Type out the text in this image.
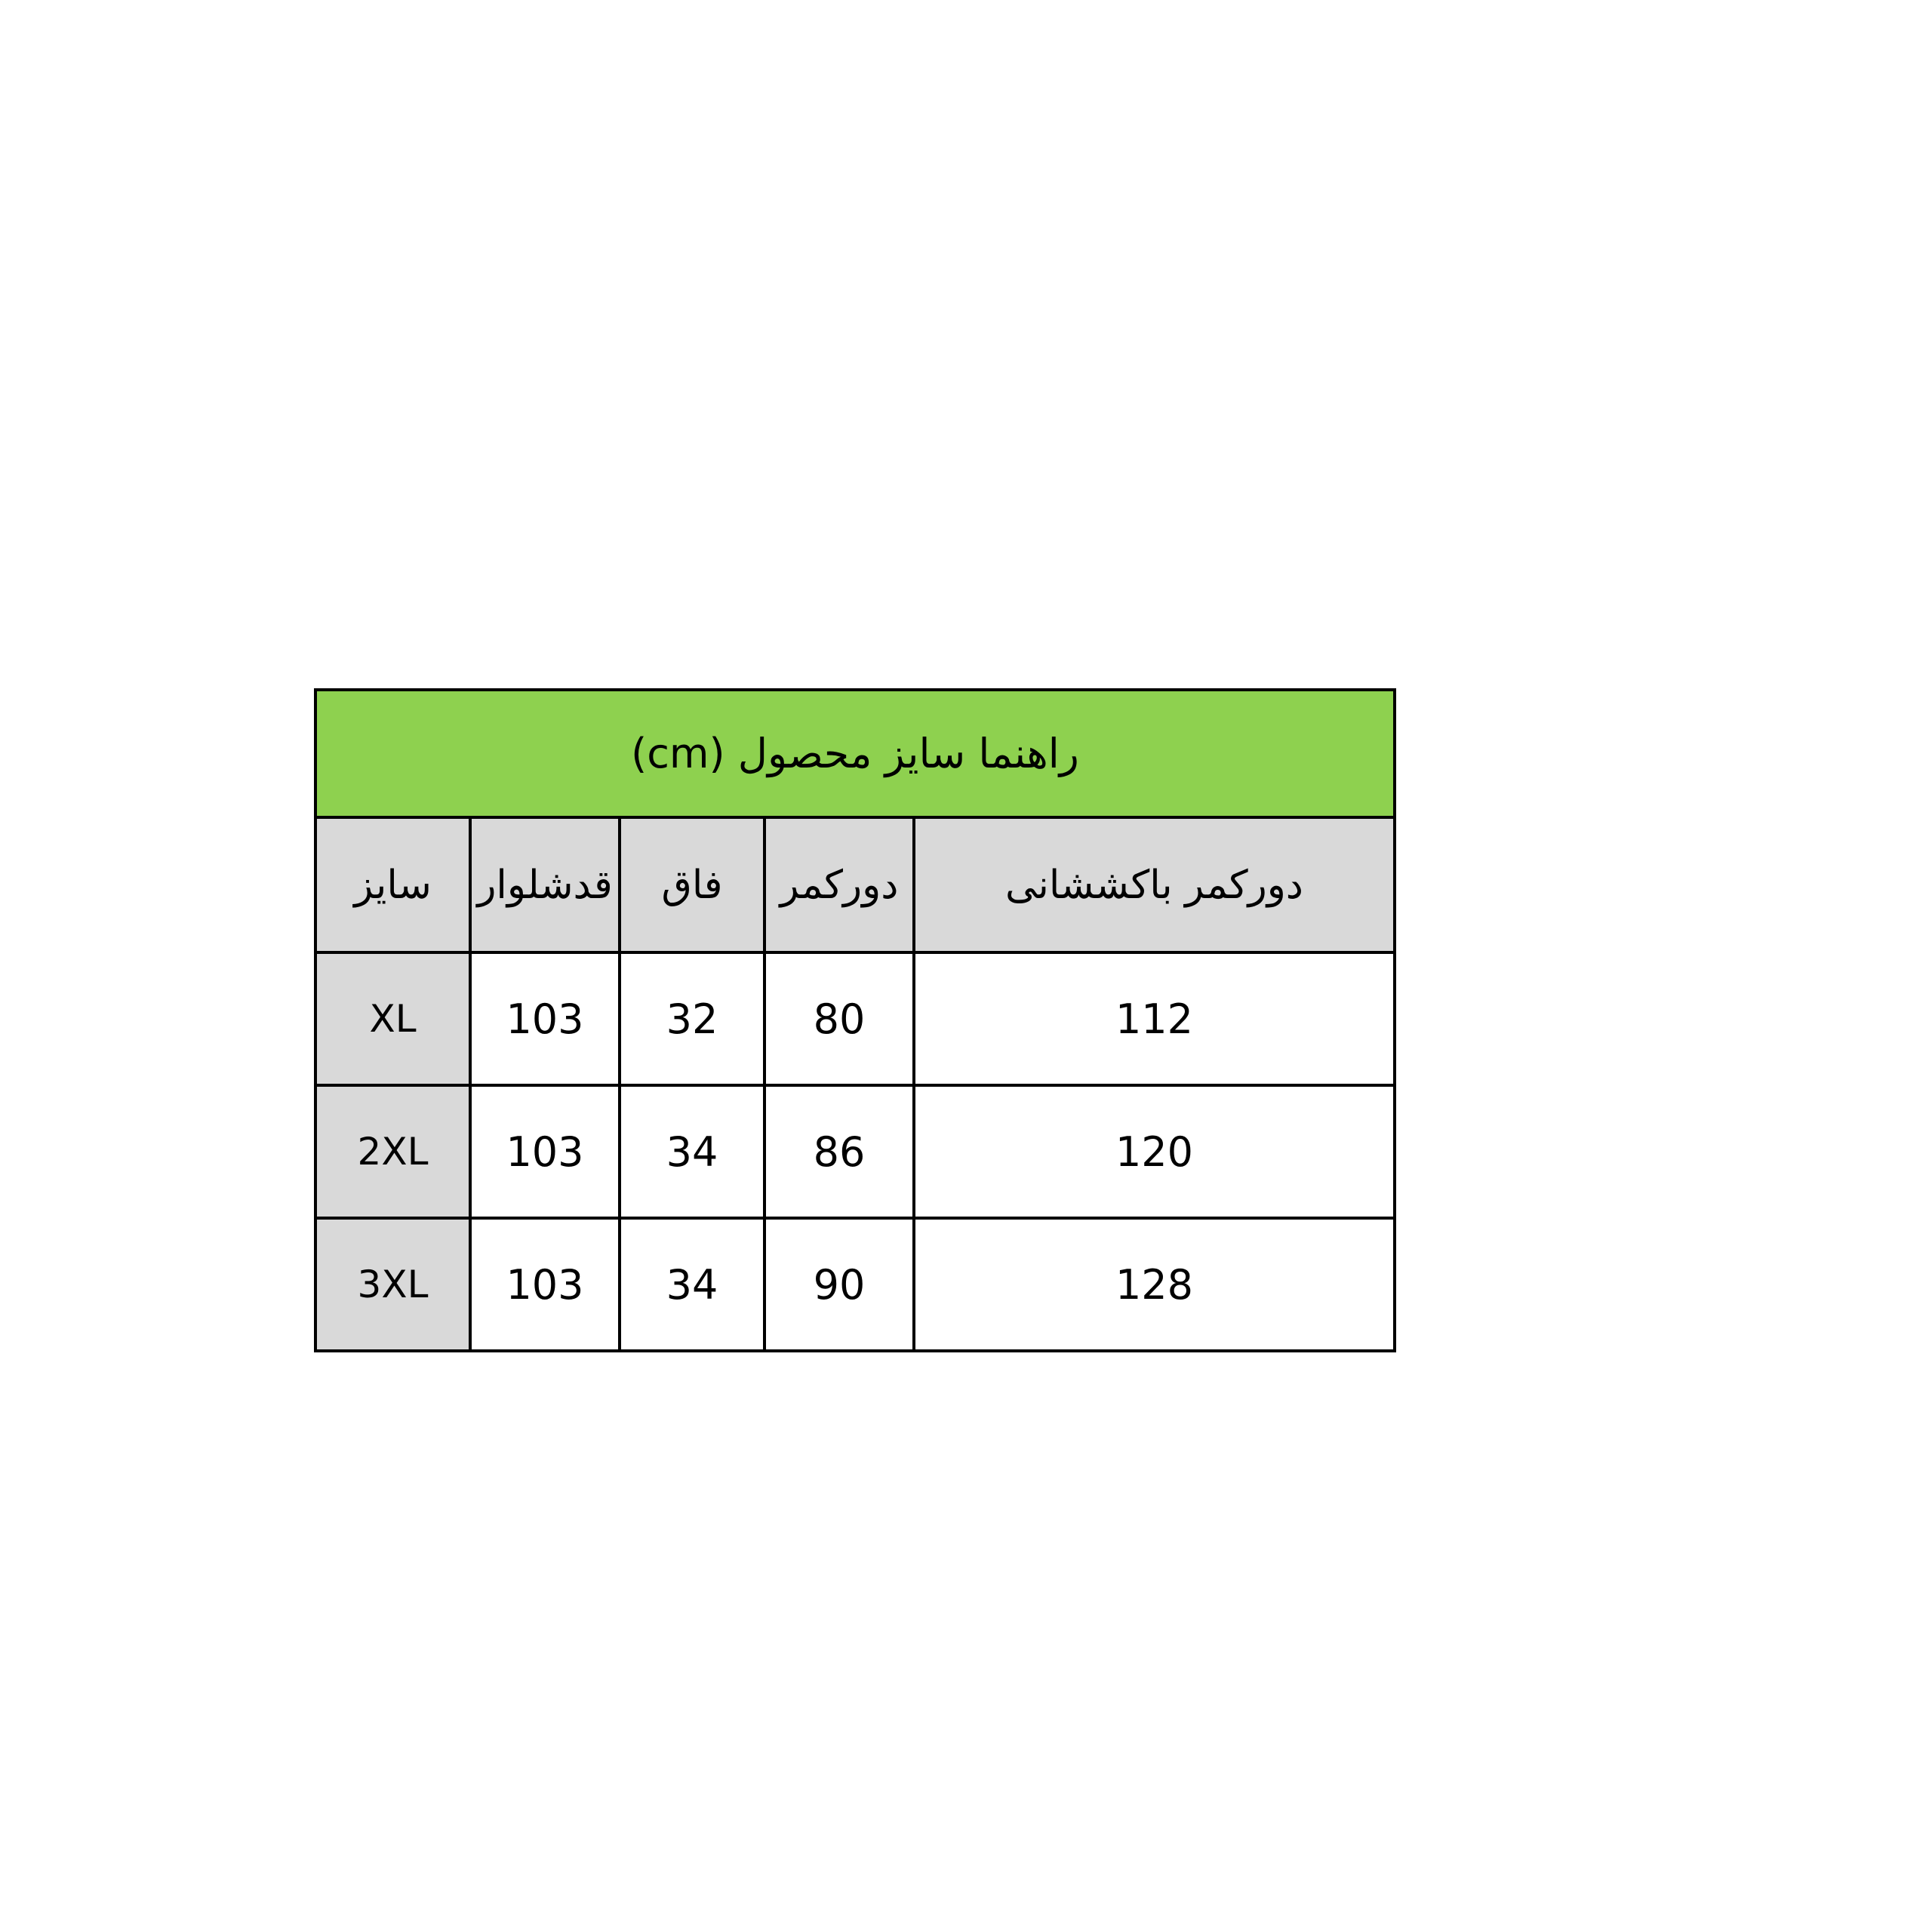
راهنما سایز محصول (cm)				
دورکمر باکششانی	دورکمر	فاق	قدشلوار	سایز
112	80	32	103	XL
120	86	34	103	2XL
128	90	34	103	3XL
